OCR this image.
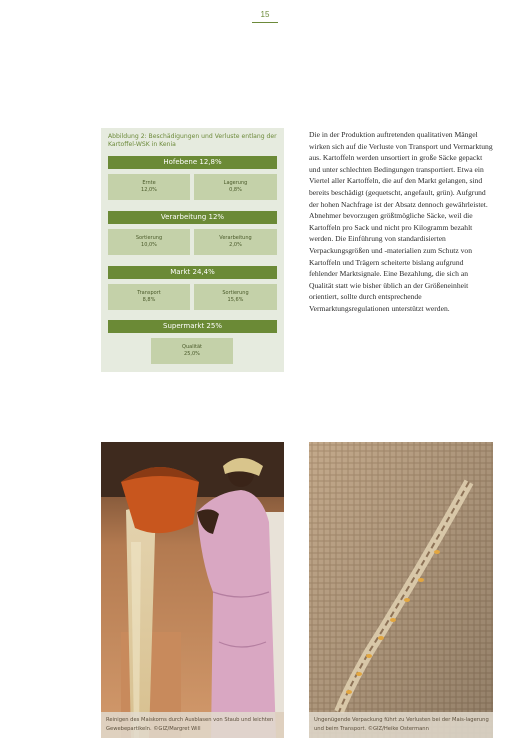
15
Abbildung 2: Beschädigungen und Verluste entlang der Kartoffel-WSK in Kenia
Hofebene 12,8%
Ernte
12,0%
Lagerung
0,8%
Verarbeitung 12%
Sortierung
10,0%
Verarbeitung
2,0%
Markt 24,4%
Transport
8,8%
Sortierung
15,6%
Supermarkt 25%
Qualität
25,0%

Die in der Produktion auftretenden qualitativen Mängel wirken sich auf die Verluste von Transport und Vermarktung aus. Kartoffeln werden unsortiert in große Säcke gepackt und unter schlechten Bedingungen transportiert. Etwa ein Viertel aller Kartoffeln, die auf den Markt gelangen, sind bereits beschädigt (gequetscht, angefault, grün). Aufgrund der hohen Nachfrage ist der Absatz dennoch gewährleistet. Abnehmer bevorzugen größtmögliche Säcke, weil die Kartoffeln pro Sack und nicht pro Kilogramm bezahlt werden. Die Einführung von standardisierten Verpackungsgrößen und -materialien zum Schutz von Kartoffeln und Trägern scheiterte bislang aufgrund fehlender Marktsignale. Eine Bezahlung, die sich an Qualität statt wie bisher üblich an der Größeneinheit orientiert, sollte durch entsprechende Vermarktungsregulationen unterstützt werden.

Reinigen des Maiskorns durch Ausblasen von Staub und leichten Gewebepartikeln. ©GIZ/Margret Will
Ungenügende Verpackung führt zu Verlusten bei der Mais-lagerung und beim Transport. ©GIZ/Heike Ostermann
